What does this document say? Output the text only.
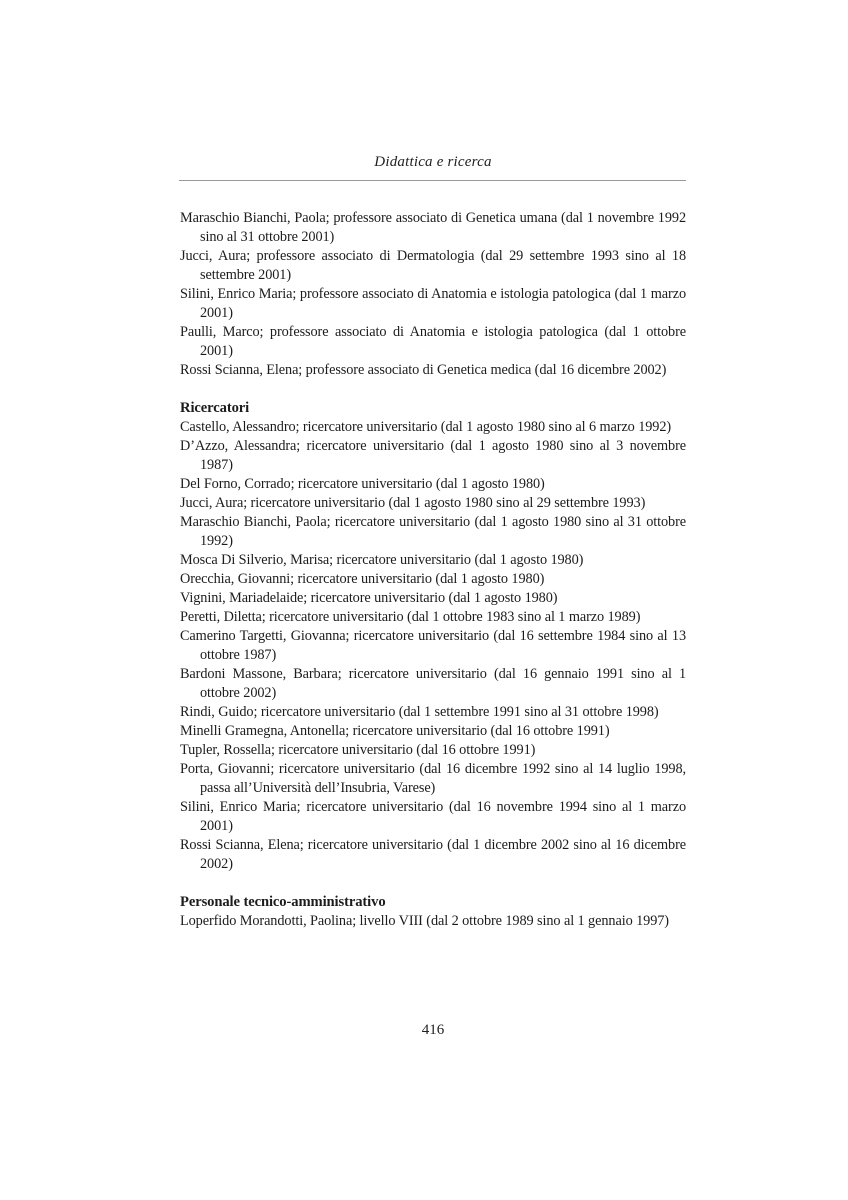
Didattica e ricerca

Maraschio Bianchi, Paola; professore associato di Genetica umana (dal 1 novembre 1992 sino al 31 ottobre 2001)

Jucci, Aura; professore associato di Dermatologia (dal 29 settembre 1993 sino al 18 settembre 2001)

Silini, Enrico Maria; professore associato di Anatomia e istologia patologica (dal 1 marzo 2001)

Paulli, Marco; professore associato di Anatomia e istologia patologica (dal 1 ottobre 2001)

Rossi Scianna, Elena; professore associato di Genetica medica (dal 16 dicembre 2002)

Ricercatori

Castello, Alessandro; ricercatore universitario (dal 1 agosto 1980 sino al 6 marzo 1992)

D’Azzo, Alessandra; ricercatore universitario (dal 1 agosto 1980 sino al 3 novembre 1987)

Del Forno, Corrado; ricercatore universitario (dal 1 agosto 1980)

Jucci, Aura; ricercatore universitario (dal 1 agosto 1980 sino al 29 settembre 1993)

Maraschio Bianchi, Paola; ricercatore universitario (dal 1 agosto 1980 sino al 31 ottobre 1992)

Mosca Di Silverio, Marisa; ricercatore universitario (dal 1 agosto 1980)

Orecchia, Giovanni; ricercatore universitario (dal 1 agosto 1980)

Vignini, Mariadelaide; ricercatore universitario (dal 1 agosto 1980)

Peretti, Diletta; ricercatore universitario (dal 1 ottobre 1983 sino al 1 marzo 1989)

Camerino Targetti, Giovanna; ricercatore universitario (dal 16 settembre 1984 sino al 13 ottobre 1987)

Bardoni Massone, Barbara; ricercatore universitario (dal 16 gennaio 1991 sino al 1 ottobre 2002)

Rindi, Guido; ricercatore universitario (dal 1 settembre 1991 sino al 31 ottobre 1998)

Minelli Gramegna, Antonella; ricercatore universitario (dal 16 ottobre 1991)

Tupler, Rossella; ricercatore universitario (dal 16 ottobre 1991)

Porta, Giovanni; ricercatore universitario (dal 16 dicembre 1992 sino al 14 luglio 1998, passa all’Università dell’Insubria, Varese)

Silini, Enrico Maria; ricercatore universitario (dal 16 novembre 1994 sino al 1 marzo 2001)

Rossi Scianna, Elena; ricercatore universitario (dal 1 dicembre 2002 sino al 16 dicembre 2002)

Personale tecnico-amministrativo

Loperfido Morandotti, Paolina; livello VIII (dal 2 ottobre 1989 sino al 1 gennaio 1997)

416
